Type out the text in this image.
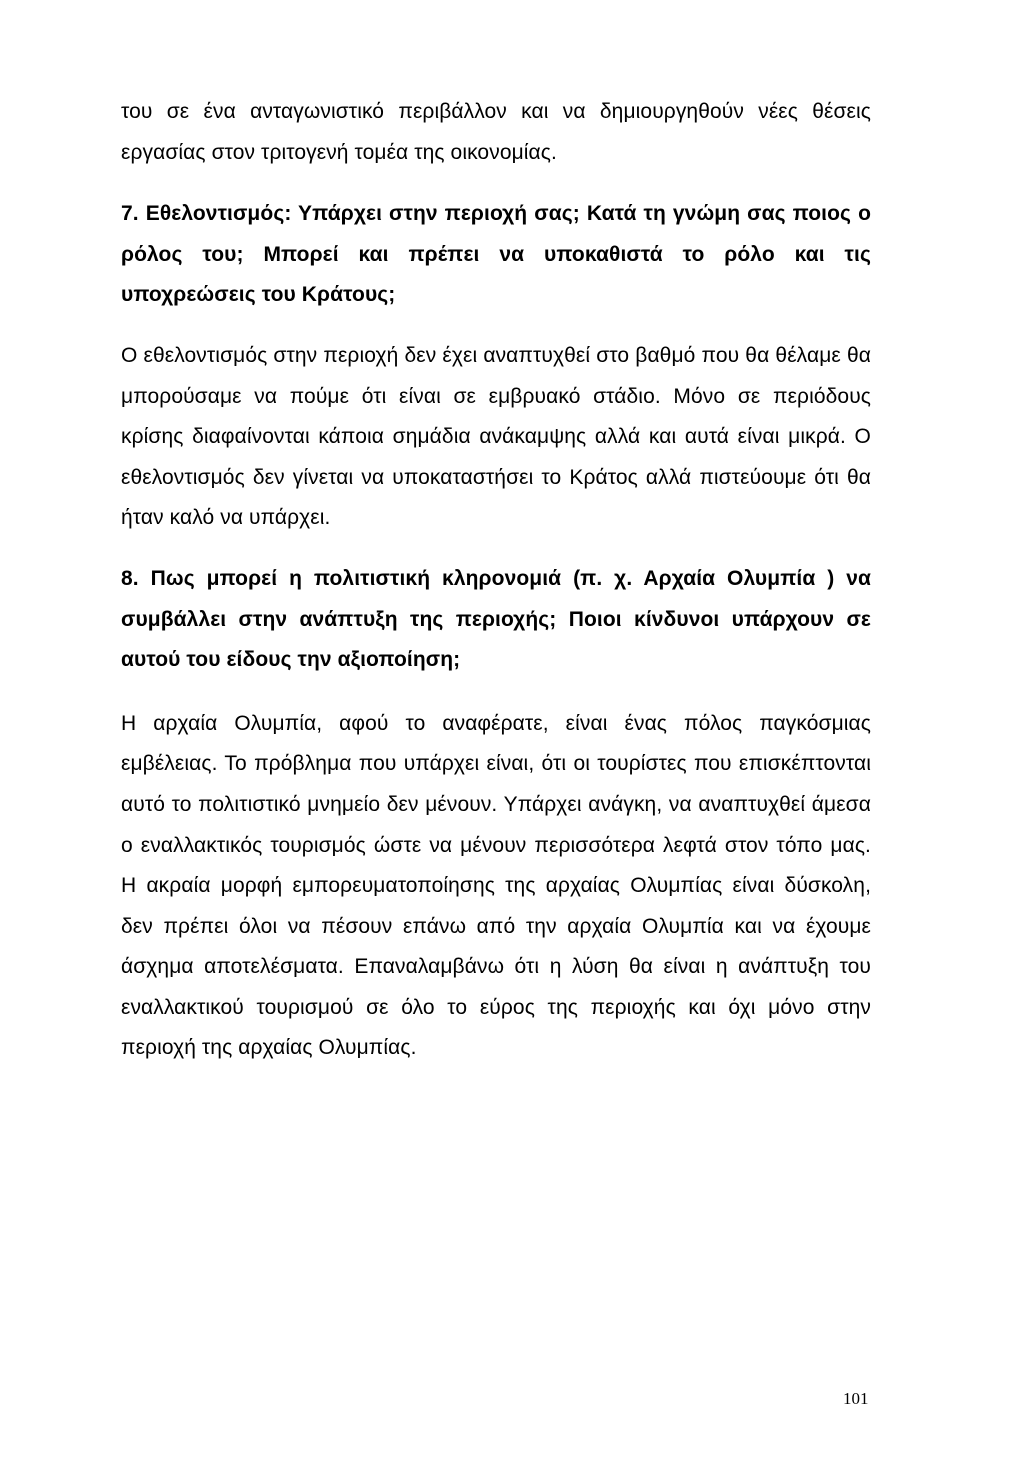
του σε ένα ανταγωνιστικό περιβάλλον και να δημιουργηθούν νέες θέσεις εργασίας στον τριτογενή τομέα της οικονομίας.

7. Εθελοντισμός: Υπάρχει στην περιοχή σας; Κατά τη γνώμη σας ποιος ο ρόλος του; Μπορεί και πρέπει να υποκαθιστά το ρόλο και τις υποχρεώσεις του Κράτους;

Ο εθελοντισμός στην περιοχή δεν έχει αναπτυχθεί στο βαθμό που θα θέλαμε θα μπορούσαμε να πούμε ότι είναι σε εμβρυακό στάδιο. Μόνο σε περιόδους κρίσης διαφαίνονται κάποια σημάδια ανάκαμψης αλλά και αυτά είναι μικρά. Ο εθελοντισμός δεν γίνεται να υποκαταστήσει το Κράτος αλλά πιστεύουμε ότι θα ήταν καλό να υπάρχει.

8. Πως μπορεί η πολιτιστική κληρονομιά (π. χ. Αρχαία Ολυμπία ) να συμβάλλει στην ανάπτυξη της περιοχής; Ποιοι κίνδυνοι υπάρχουν σε αυτού του είδους την αξιοποίηση;

Η αρχαία Ολυμπία, αφού το αναφέρατε, είναι ένας πόλος παγκόσμιας εμβέλειας. Το πρόβλημα που υπάρχει είναι, ότι οι τουρίστες που επισκέπτονται αυτό το πολιτιστικό μνημείο δεν μένουν. Υπάρχει ανάγκη, να αναπτυχθεί άμεσα ο εναλλακτικός τουρισμός ώστε να μένουν περισσότερα λεφτά στον τόπο μας. Η ακραία μορφή εμπορευματοποίησης της αρχαίας Ολυμπίας είναι δύσκολη, δεν πρέπει όλοι να πέσουν επάνω από την αρχαία Ολυμπία και να έχουμε άσχημα αποτελέσματα. Επαναλαμβάνω ότι η λύση θα είναι η ανάπτυξη του εναλλακτικού τουρισμού σε όλο το εύρος της περιοχής και όχι μόνο στην περιοχή της αρχαίας Ολυμπίας.

101
